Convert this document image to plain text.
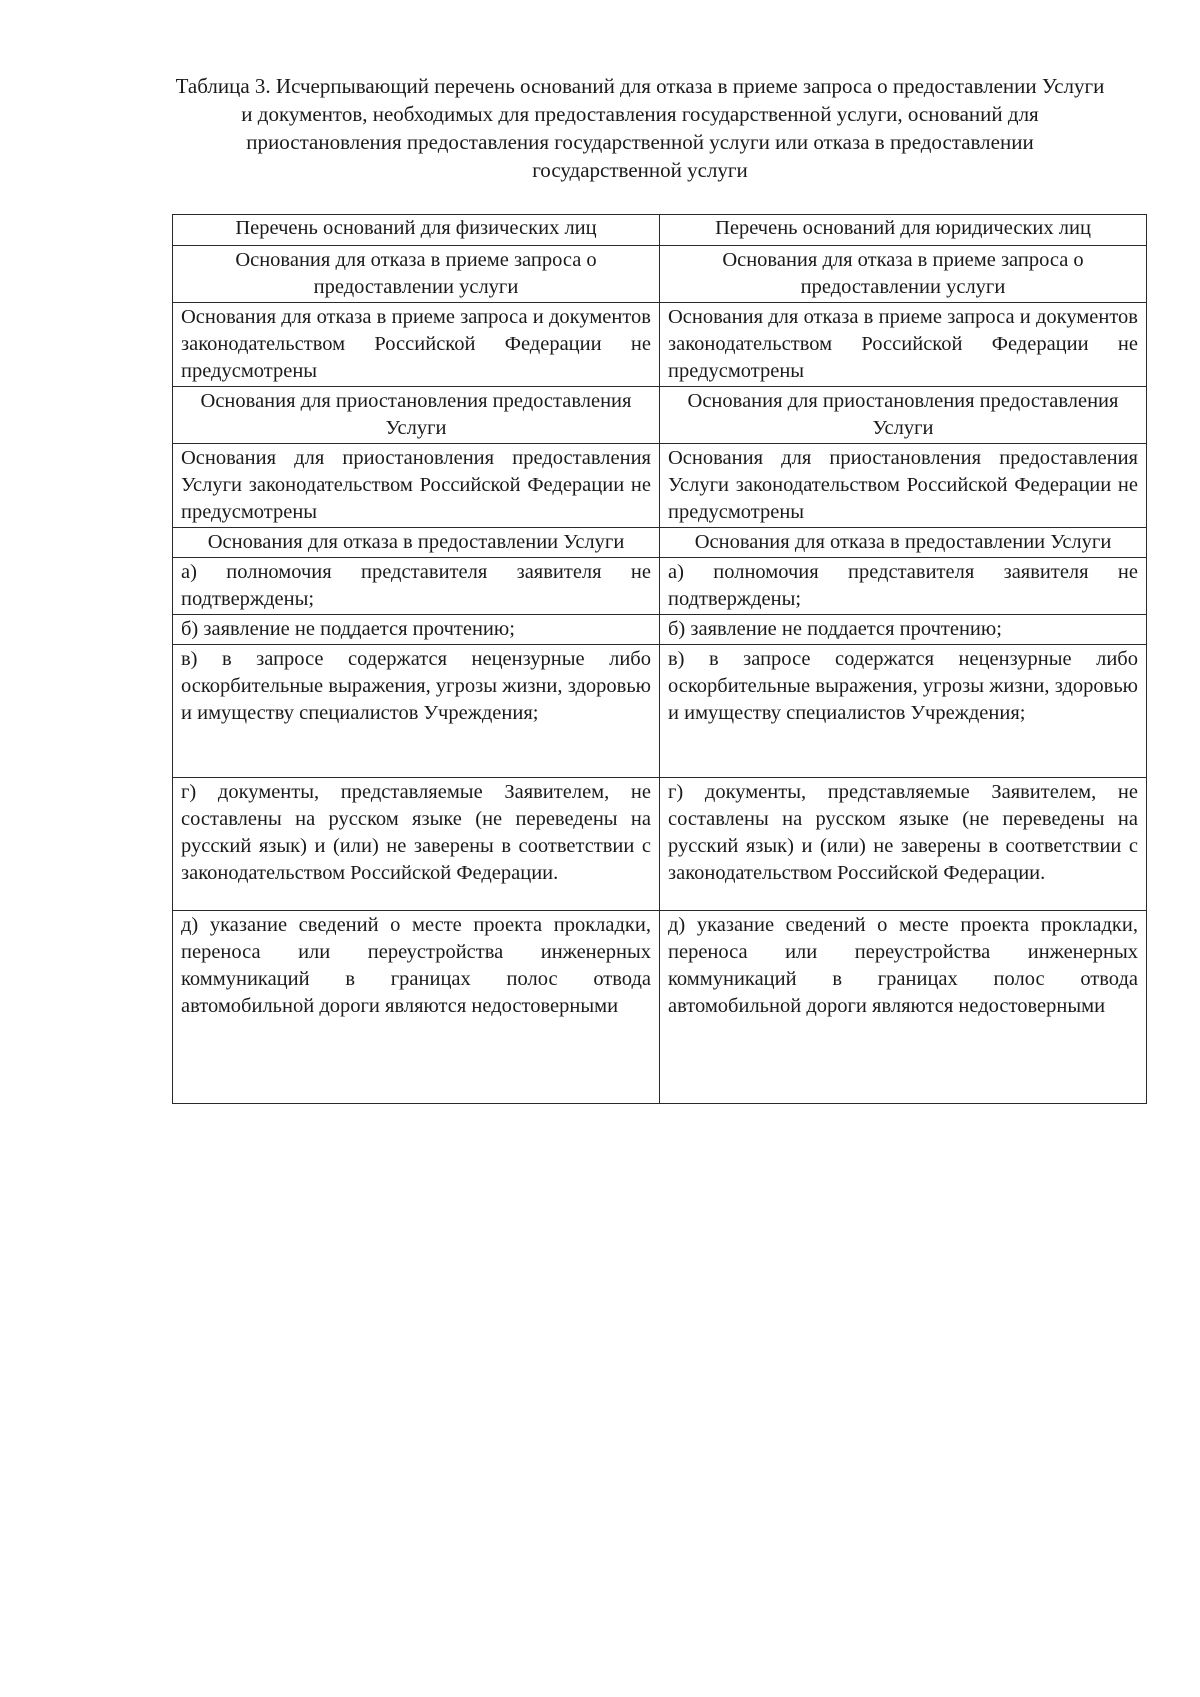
Таблица 3. Исчерпывающий перечень оснований для отказа в приеме запроса о предоставлении Услуги и документов, необходимых для предоставления государственной услуги, оснований для приостановления предоставления государственной услуги или отказа в предоставлении государственной услуги
Перечень оснований для физических лиц	Перечень оснований для юридических лиц
Основания для отказа в приеме запроса о предоставлении услуги	Основания для отказа в приеме запроса о предоставлении услуги
Основания для отказа в приеме запроса и документов законодательством Российской Федерации не предусмотрены	Основания для отказа в приеме запроса и документов законодательством Российской Федерации не предусмотрены
Основания для приостановления предоставления Услуги	Основания для приостановления предоставления Услуги
Основания для приостановления предоставления Услуги законодательством Российской Федерации не предусмотрены	Основания для приостановления предоставления Услуги законодательством Российской Федерации не предусмотрены
Основания для отказа в предоставлении Услуги	Основания для отказа в предоставлении Услуги
а) полномочия представителя заявителя не подтверждены;	а) полномочия представителя заявителя не подтверждены;
б) заявление не поддается прочтению;	б) заявление не поддается прочтению;
в) в запросе содержатся нецензурные либо оскорбительные выражения, угрозы жизни, здоровью и имуществу специалистов Учреждения;	в) в запросе содержатся нецензурные либо оскорбительные выражения, угрозы жизни, здоровью и имуществу специалистов Учреждения;
г) документы, представляемые Заявителем, не составлены на русском языке (не переведены на русский язык) и (или) не заверены в соответствии с законодательством Российской Федерации.	г) документы, представляемые Заявителем, не составлены на русском языке (не переведены на русский язык) и (или) не заверены в соответствии с законодательством Российской Федерации.
д) указание сведений о месте проекта прокладки, переноса или переустройства инженерных коммуникаций в границах полос отвода автомобильной дороги являются недостоверными	д) указание сведений о месте проекта прокладки, переноса или переустройства инженерных коммуникаций в границах полос отвода автомобильной дороги являются недостоверными
